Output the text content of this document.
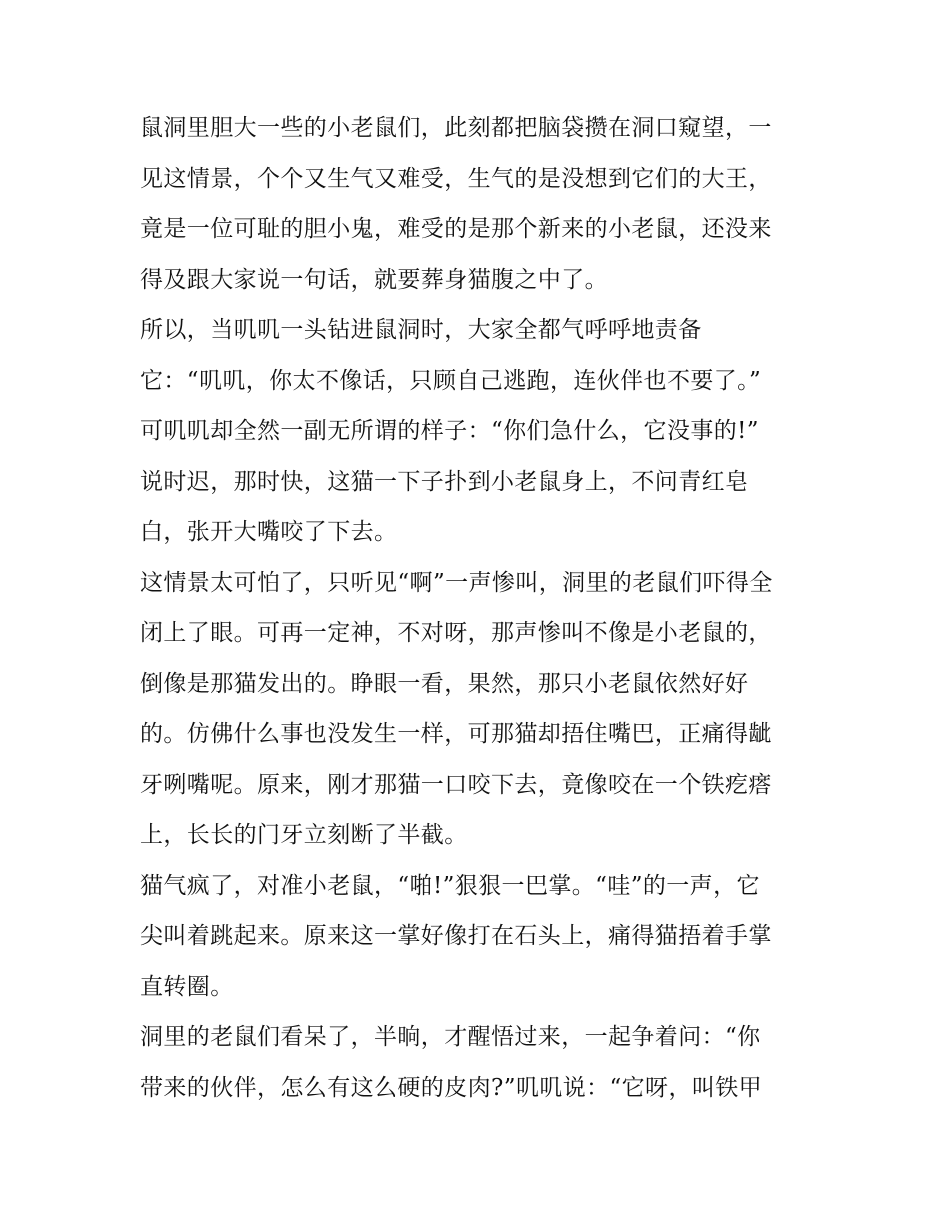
鼠洞里胆大一些的小老鼠们，此刻都把脑袋攒在洞口窥望，一
见这情景，个个又生气又难受，生气的是没想到它们的大王，
竟是一位可耻的胆小鬼，难受的是那个新来的小老鼠，还没来
得及跟大家说一句话，就要葬身猫腹之中了。
所以，当叽叽一头钻进鼠洞时，大家全都气呼呼地责备
它：“叽叽，你太不像话，只顾自己逃跑，连伙伴也不要了。”
可叽叽却全然一副无所谓的样子：“你们急什么，它没事的!”
说时迟，那时快，这猫一下子扑到小老鼠身上，不问青红皂
白，张开大嘴咬了下去。
这情景太可怕了，只听见“啊”一声惨叫，洞里的老鼠们吓得全
闭上了眼。可再一定神，不对呀，那声惨叫不像是小老鼠的，
倒像是那猫发出的。睁眼一看，果然，那只小老鼠依然好好
的。仿佛什么事也没发生一样，可那猫却捂住嘴巴，正痛得龇
牙咧嘴呢。原来，刚才那猫一口咬下去，竟像咬在一个铁疙瘩
上，长长的门牙立刻断了半截。
猫气疯了，对准小老鼠，“啪!”狠狠一巴掌。“哇”的一声，它
尖叫着跳起来。原来这一掌好像打在石头上，痛得猫捂着手掌
直转圈。
洞里的老鼠们看呆了，半晌，才醒悟过来，一起争着问：“你
带来的伙伴，怎么有这么硬的皮肉?”叽叽说：“它呀，叫铁甲
